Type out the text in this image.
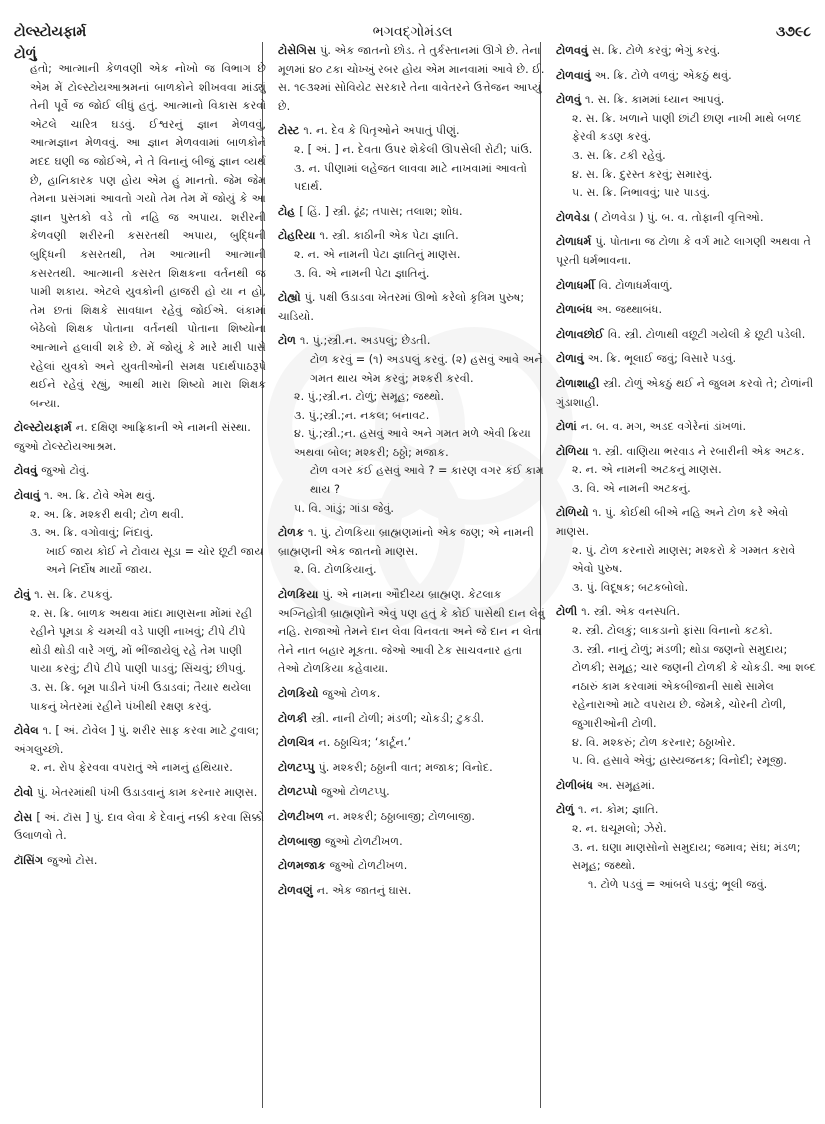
ટોલ્સ્ટોયફાર્મ	ભગવદ્ગોમંડલ	૩૭૯૮
ટોળું
હતો; આત્માની કેળવણી એક નોખો જ વિભાગ છે એમ મેં ટોલ્સ્ટોયઆશ્રમનાં બાળકોને શીખવવા માંડ્યું તેની પૂર્વે જ જોઈ લીધું હતું. આત્માનો વિકાસ કરવો એટલે ચારિત્ર ઘડવું. ઈશ્વરનું જ્ઞાન મેળવવું, આત્મજ્ઞાન મેળવવું. આ જ્ઞાન મેળવવામાં બાળકોને મદદ ઘણી જ જોઈએ, ને તે વિનાનું બીજું જ્ઞાન વ્યર્થ છે, હાનિકારક પણ હોય એમ હું માનતો. જેમ જેમ તેમના પ્રસંગમાં આવતો ગયો તેમ તેમ મેં જોયું કે આ જ્ઞાન પુસ્તકો વડે તો નહિ જ અપાય. શરીરની કેળવણી શરીરની કસરતથી અપાય, બુદ્ધિની બુદ્ધિની કસરતથી, તેમ આત્માની આત્માની કસરતથી. આત્માની કસરત શિક્ષકના વર્તનથી જ પામી શકાય. એટલે યુવકોની હાજરી હો યા ન હો, તેમ છતાં શિક્ષકે સાવધાન રહેવું જોઈએ. લંકામાં બેઠેલો શિક્ષક પોતાના વર્તનથી પોતાના શિષ્યોના આત્માને હલાવી શકે છે. મેં જોયું કે મારે મારી પાસે રહેલાં યુવકો અને યુવતીઓની સમક્ષ પદાર્થપાઠરૂપે થઈને રહેવું રહ્યું, આથી મારા શિષ્યો મારા શિક્ષક બન્યા.
ટોલ્સ્ટોયફાર્મ ન. દક્ષિણ આફ્રિકાની એ નામની સંસ્થા. જુઓ ટોલ્સ્ટોયઆશ્રમ.
ટોવવું જુઓ ટોવું.
ટોવાવું ૧. અ. ક્રિ. ટોવે એમ થવું.
૨. અ. ક્રિ. મશ્કરી થવી; ટોળ થવી.
૩. અ. ક્રિ. વગોવાવું; નિંદાવું.
ખાઈ જાય કોઈ ને ટોવાય સૂડા = ચોર છૂટી જાય અને નિર્દોષ માર્યો જાય.
ટોવું ૧. સ. ક્રિ. ટપકવું.
૨. સ. ક્રિ. બાળક અથવા માંદા માણસના મોંમાં રહી રહીને પૂમડા કે ચમચી વડે પાણી નાખવું; ટીપે ટીપે થોડી થોડી વારે ગળું, મોં ભીંજાયેલું રહે તેમ પાણી પાયા કરવું; ટીપે ટીપે પાણી પાડવું; સિંચવું; છીપવું.
૩. સ. ક્રિ. બૂમ પાડીને પંખી ઉડાડવાં; તૈયાર થયેલા પાકનું ખેતરમાં રહીને પંખીથી રક્ષણ કરવું.
ટોવેલ ૧. [ અં. ટોવેલ ] પું. શરીર સાફ કરવા માટે ટુવાલ; અંગલુચ્છો.
૨. ન. રોપ ફેરવવા વપરાતું એ નામનું હથિયાર.
ટોવો પું. ખેતરમાંથી પંખી ઉડાડવાનું કામ કરનાર માણસ.
ટોસ [ અં. ટૉસ ] પું. દાવ લેવા કે દેવાનું નક્કી કરવા સિક્કો ઉલાળવો તે.
ટૉસિંગ જુઓ ટોસ.
ટોસેગિસ પું. એક જાતનો છોડ. તે તુર્કસ્તાનમાં ઊગે છે. તેના મૂળમાં ૪૦ ટકા ચોખ્ખું રબર હોય એમ માનવામાં આવે છે. ઈ. સ. ૧૯૩૨માં સોવિયેટ સરકારે તેના વાવેતરને ઉત્તેજન આપ્યું છે.
ટોસ્ટ ૧. ન. દેવ કે પિતૃઓને અપાતું પીણું.
૨. [ અં. ] ન. દેવતા ઉપર શેકેલી ઊપસેલી રોટી; પાંઉ.
૩. ન. પીણામાં લહેજત લાવવા માટે નાખવામાં આવતો પદાર્થ.
ટોહ [ હિં. ] સ્ત્રી. ઢૂંઢ; તપાસ; તલાશ; શોધ.
ટોહરિયા ૧. સ્ત્રી. કાઠીની એક પેટા જ્ઞાતિ.
૨. ન. એ નામની પેટા જ્ઞાતિનું માણસ.
૩. વિ. એ નામની પેટા જ્ઞાતિનું.
ટોહ્યો પું. પક્ષી ઉડાડવા ખેતરમાં ઊભો કરેલો કૃત્રિમ પુરુષ; ચાડિયો.
ટોળ ૧. પું.;સ્ત્રી.ન. અડપલું; છેડતી.
ટોળ કરવું = (૧) અડપલું કરવું. (૨) હસવું આવે અને ગમત થાય એમ કરવું; મશ્કરી કરવી.
૨. પું.;સ્ત્રી.ન. ટોળું; સમૂહ; જથ્થો.
૩. પું.;સ્ત્રી.;ન. નકલ; બનાવટ.
૪. પું.;સ્ત્રી.;ન. હસવું આવે અને ગમત મળે એવી ક્રિયા અથવા બોલ; મશ્કરી; ઠઠ્ઠો; મજાક.
ટોળ વગર કંઈ હસવું આવે ? = કારણ વગર કંઈ કામ થાય ?
૫. વિ. ગાંડું; ગાંડા જેવું.
ટોળક ૧. પું. ટોળકિયા બ્રાહ્મણમાંનો એક જણ; એ નામની બ્રાહ્મણની એક જાતનો માણસ.
૨. વિ. ટોળકિયાનું.
ટોળકિયા પું. એ નામના ઔદીચ્ય બ્રાહ્મણ. કેટલાક અગ્નિહોત્રી બ્રાહ્મણોને એવું પણ હતું કે કોઈ પાસેથી દાન લેવું નહિ. રાજાઓ તેમને દાન લેવા વિનવતા અને જે દાન ન લેતા તેને નાત બહાર મૂકતા. જેઓ આવી ટેક સાચવનાર હતા તેઓ ટોળકિયા કહેવાયા.
ટોળકિયો જુઓ ટોળક.
ટોળકી સ્ત્રી. નાની ટોળી; મંડળી; ચોકડી; ટુકડી.
ટોળચિત્ર ન. ઠઠ્ઠાચિત્ર; ‘કાર્ટૂન.’
ટોળટપ્પુ પું. મશ્કરી; ઠઠ્ઠાની વાત; મજાક; વિનોદ.
ટોળટપ્પો જુઓ ટોળટપ્પુ.
ટોળટીખળ ન. મશ્કરી; ઠઠ્ઠાબાજી; ટોળબાજી.
ટોળબાજી જુઓ ટોળટીખળ.
ટોળમજાક જુઓ ટોળટીખળ.
ટોળવણું ન. એક જાતનું ઘાસ.
ટોળવવું સ. ક્રિ. ટોળે કરવું; ભેગું કરવું.
ટોળવાવું અ. ક્રિ. ટોળે વળવું; એકઠું થવું.
ટોળવું ૧. સ. ક્રિ. કામમાં ધ્યાન આપવું.
૨. સ. ક્રિ. ખળાને પાણી છાંટી છાણ નાખી માથે બળદ ફેરવી કડણ કરવું.
૩. સ. ક્રિ. ટકી રહેવું.
૪. સ. ક્રિ. દુરસ્ત કરવું; સમારવું.
૫. સ. ક્રિ. નિભાવવું; પાર પાડવું.
ટોળવેડા ( ટોળવેડા ) પું. બ. વ. તોફાની વૃત્તિઓ.
ટોળાધર્મ પું. પોતાના જ ટોળા કે વર્ગ માટે લાગણી અથવા તે પૂરતી ધર્મભાવના.
ટોળાધર્મી વિ. ટોળાધર્મવાળું.
ટોળાબંધ અ. જથ્થાબંધ.
ટોળાવછોઈ વિ. સ્ત્રી. ટોળાથી વછૂટી ગયેલી કે છૂટી પડેલી.
ટોળાવું અ. ક્રિ. ભૂલાઈ જવું; વિસારે પડવું.
ટોળાશાહી સ્ત્રી. ટોળું એકઠું થઈ ને જુલમ કરવો તે; ટોળાંની ગુંડાશાહી.
ટોળાં ન. બ. વ. મગ, અડદ વગેરેનાં ડાંખળાં.
ટોળિયા ૧. સ્ત્રી. વાણિયા ભરવાડ ને રબારીની એક અટક.
૨. ન. એ નામની અટકનું માણસ.
૩. વિ. એ નામની અટકનું.
ટોળિયો ૧. પું. કોઈથી બીએ નહિ અને ટોળ કરે એવો માણસ.
૨. પું. ટોળ કરનારો માણસ; મશ્કરો કે ગમ્મત કરાવે એવો પુરુષ.
૩. પું. વિદૂષક; બટકબોલો.
ટોળી ૧. સ્ત્રી. એક વનસ્પતિ.
૨. સ્ત્રી. ટોલકું; લાકડાનો ફાંસા વિનાનો કટકો.
૩. સ્ત્રી. નાનું ટોળું; મંડળી; થોડા જણનો સમુદાય; ટોળકી; સમૂહ; ચાર જણની ટોળકી કે ચોકડી. આ શબ્દ નઠારું કામ કરવામાં એકબીજાની સાથે સામેલ રહેનારાઓ માટે વપરાય છે. જેમકે, ચોરની ટોળી, જુગારીઓની ટોળી.
૪. વિ. મશ્કરું; ટોળ કરનાર; ઠઠ્ઠાખોર.
૫. વિ. હસાવે એવું; હાસ્યજનક; વિનોદી; રમૂજી.
ટોળીબંધ અ. સમૂહમાં.
ટોળું ૧. ન. કોમ; જ્ઞાતિ.
૨. ન. ઘચૂમલો; ઝેરો.
૩. ન. ઘણા માણસોનો સમુદાય; જમાવ; સંઘ; મંડળ; સમૂહ; જથ્થો.
૧. ટોળે પડવું = આંબલે પડવું; ભૂલી જવું.
